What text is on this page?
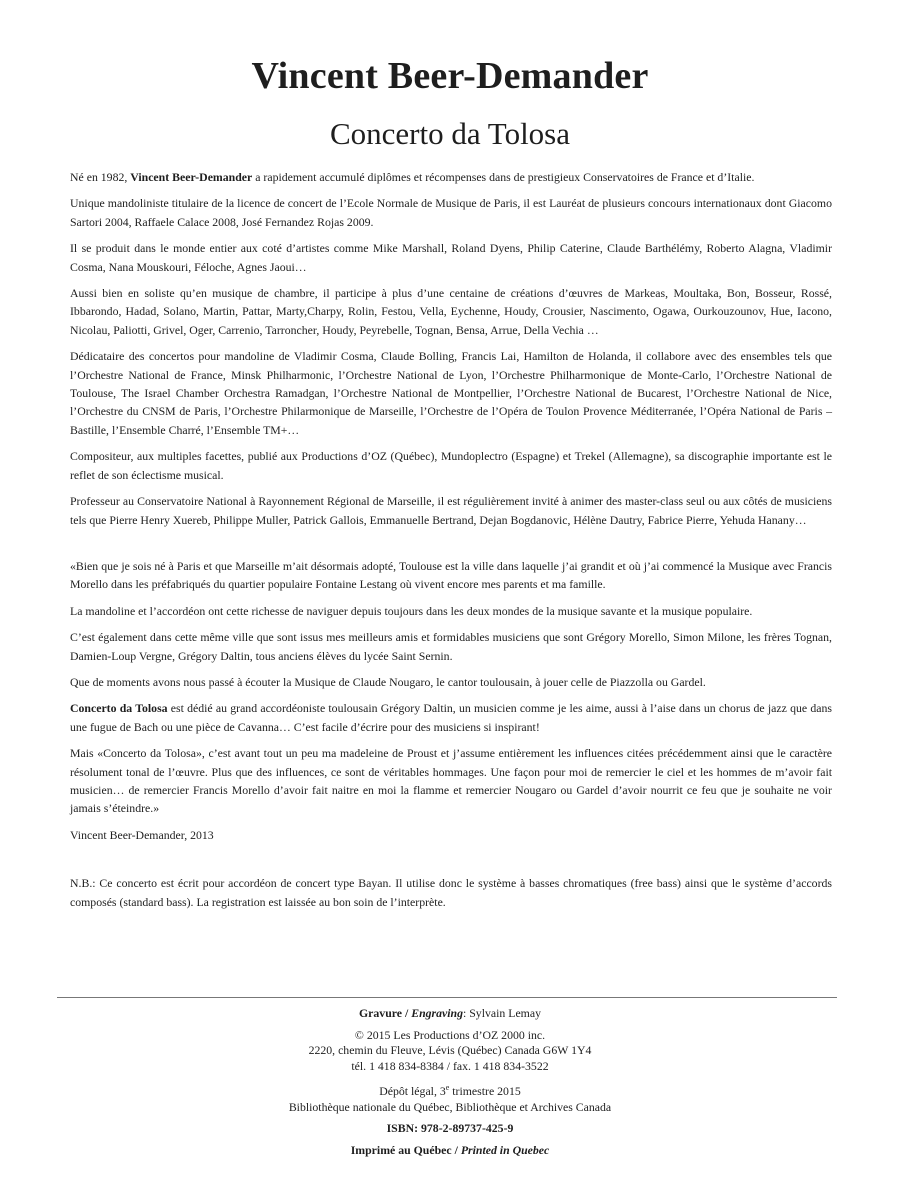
Vincent Beer-Demander
Concerto da Tolosa

Né en 1982, Vincent Beer-Demander a rapidement accumulé diplômes et récompenses dans de prestigieux Conservatoires de France et d’Italie.

Unique mandoliniste titulaire de la licence de concert de l’Ecole Normale de Musique de Paris, il est Lauréat de plusieurs concours internationaux dont Giacomo Sartori 2004, Raffaele Calace 2008, José Fernandez Rojas 2009.

Il se produit dans le monde entier aux coté d’artistes comme Mike Marshall, Roland Dyens, Philip Caterine, Claude Barthélémy, Roberto Alagna, Vladimir Cosma, Nana Mouskouri, Féloche, Agnes Jaoui…

Aussi bien en soliste qu’en musique de chambre, il participe à plus d’une centaine de créations d’œuvres de Markeas, Moultaka, Bon, Bosseur, Rossé, Ibbarondo, Hadad, Solano, Martin, Pattar, Marty,Charpy, Rolin, Festou, Vella, Eychenne, Houdy, Crousier, Nascimento, Ogawa, Ourkouzounov, Hue, Iacono, Nicolau, Paliotti, Grivel, Oger, Carrenio, Tarroncher, Houdy, Peyrebelle, Tognan, Bensa, Arrue, Della Vechia …

Dédicataire des concertos pour mandoline de Vladimir Cosma, Claude Bolling, Francis Lai, Hamilton de Holanda, il collabore avec des ensembles tels que l’Orchestre National de France, Minsk Philharmonic, l’Orchestre National de Lyon, l’Orchestre Philharmonique de Monte-Carlo, l’Orchestre National de Toulouse, The Israel Chamber Orchestra Ramadgan, l’Orchestre National de Montpellier, l’Orchestre National de Bucarest, l’Orchestre National de Nice, l’Orchestre du CNSM de Paris, l’Orchestre Philarmonique de Marseille, l’Orchestre de l’Opéra de Toulon Provence Méditerranée, l’Opéra National de Paris – Bastille, l’Ensemble Charré, l’Ensemble TM+…

Compositeur, aux multiples facettes, publié aux Productions d’OZ (Québec), Mundoplectro (Espagne) et Trekel (Allemagne), sa discographie importante est le reflet de son éclectisme musical.

Professeur au Conservatoire National à Rayonnement Régional de Marseille, il est régulièrement invité à animer des master-class seul ou aux côtés de musiciens tels que Pierre Henry Xuereb, Philippe Muller, Patrick Gallois, Emmanuelle Bertrand, Dejan Bogdanovic, Hélène Dautry, Fabrice Pierre, Yehuda Hanany…

«Bien que je sois né à Paris et que Marseille m’ait désormais adopté, Toulouse est la ville dans laquelle j’ai grandit et où j’ai commencé la Musique avec Francis Morello dans les préfabriqués du quartier populaire Fontaine Lestang où vivent encore mes parents et ma famille.

La mandoline et l’accordéon ont cette richesse de naviguer depuis toujours dans les deux mondes de la musique savante et la musique populaire.

C’est également dans cette même ville que sont issus mes meilleurs amis et formidables musiciens que sont Grégory Morello, Simon Milone, les frères Tognan, Damien-Loup Vergne, Grégory Daltin, tous anciens élèves du lycée Saint Sernin.

Que de moments avons nous passé à écouter la Musique de Claude Nougaro, le cantor toulousain, à jouer celle de Piazzolla ou Gardel.

Concerto da Tolosa est dédié au grand accordéoniste toulousain Grégory Daltin, un musicien comme je les aime, aussi à l’aise dans un chorus de jazz que dans une fugue de Bach ou une pièce de Cavanna… C’est facile d’écrire pour des musiciens si inspirant!

Mais «Concerto da Tolosa», c’est avant tout un peu ma madeleine de Proust et j’assume entièrement les influences citées précédemment ainsi que le caractère résolument tonal de l’œuvre. Plus que des influences, ce sont de véritables hommages. Une façon pour moi de remercier le ciel et les hommes de m’avoir fait musicien… de remercier Francis Morello d’avoir fait naitre en moi la flamme et remercier Nougaro ou Gardel d’avoir nourrit ce feu que je souhaite ne voir jamais s’éteindre.»

Vincent Beer-Demander, 2013

N.B.: Ce concerto est écrit pour accordéon de concert type Bayan. Il utilise donc le système à basses chromatiques (free bass) ainsi que le système d’accords composés (standard bass). La registration est laissée au bon soin de l’interprète.

Gravure / Engraving: Sylvain Lemay
© 2015 Les Productions d’OZ 2000 inc.
2220, chemin du Fleuve, Lévis (Québec) Canada G6W 1Y4
tél. 1 418 834-8384 / fax. 1 418 834-3522
Dépôt légal, 3e trimestre 2015
Bibliothèque nationale du Québec, Bibliothèque et Archives Canada
ISBN: 978-2-89737-425-9
Imprimé au Québec / Printed in Quebec
